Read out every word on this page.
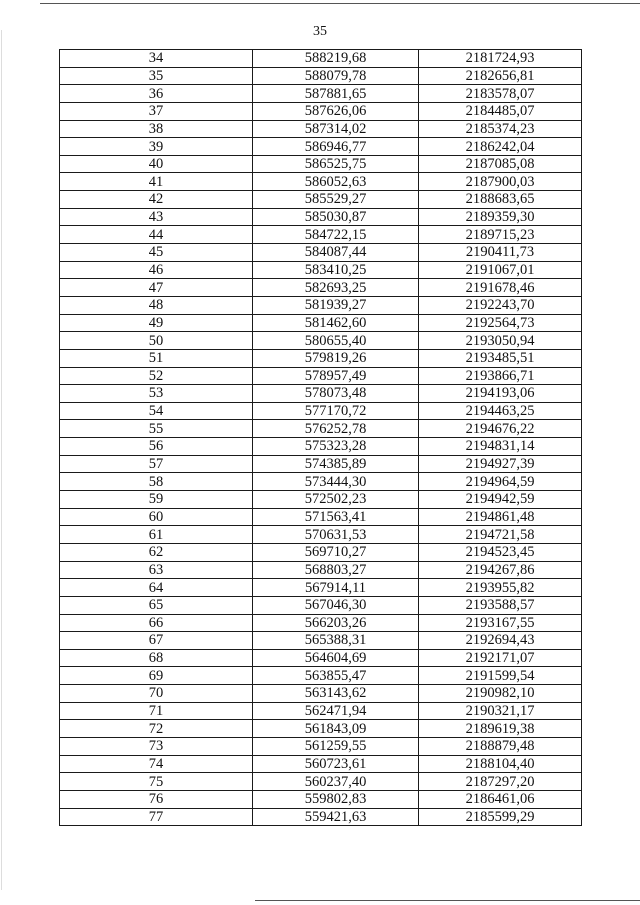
35
34	588219,68	2181724,93
35	588079,78	2182656,81
36	587881,65	2183578,07
37	587626,06	2184485,07
38	587314,02	2185374,23
39	586946,77	2186242,04
40	586525,75	2187085,08
41	586052,63	2187900,03
42	585529,27	2188683,65
43	585030,87	2189359,30
44	584722,15	2189715,23
45	584087,44	2190411,73
46	583410,25	2191067,01
47	582693,25	2191678,46
48	581939,27	2192243,70
49	581462,60	2192564,73
50	580655,40	2193050,94
51	579819,26	2193485,51
52	578957,49	2193866,71
53	578073,48	2194193,06
54	577170,72	2194463,25
55	576252,78	2194676,22
56	575323,28	2194831,14
57	574385,89	2194927,39
58	573444,30	2194964,59
59	572502,23	2194942,59
60	571563,41	2194861,48
61	570631,53	2194721,58
62	569710,27	2194523,45
63	568803,27	2194267,86
64	567914,11	2193955,82
65	567046,30	2193588,57
66	566203,26	2193167,55
67	565388,31	2192694,43
68	564604,69	2192171,07
69	563855,47	2191599,54
70	563143,62	2190982,10
71	562471,94	2190321,17
72	561843,09	2189619,38
73	561259,55	2188879,48
74	560723,61	2188104,40
75	560237,40	2187297,20
76	559802,83	2186461,06
77	559421,63	2185599,29
